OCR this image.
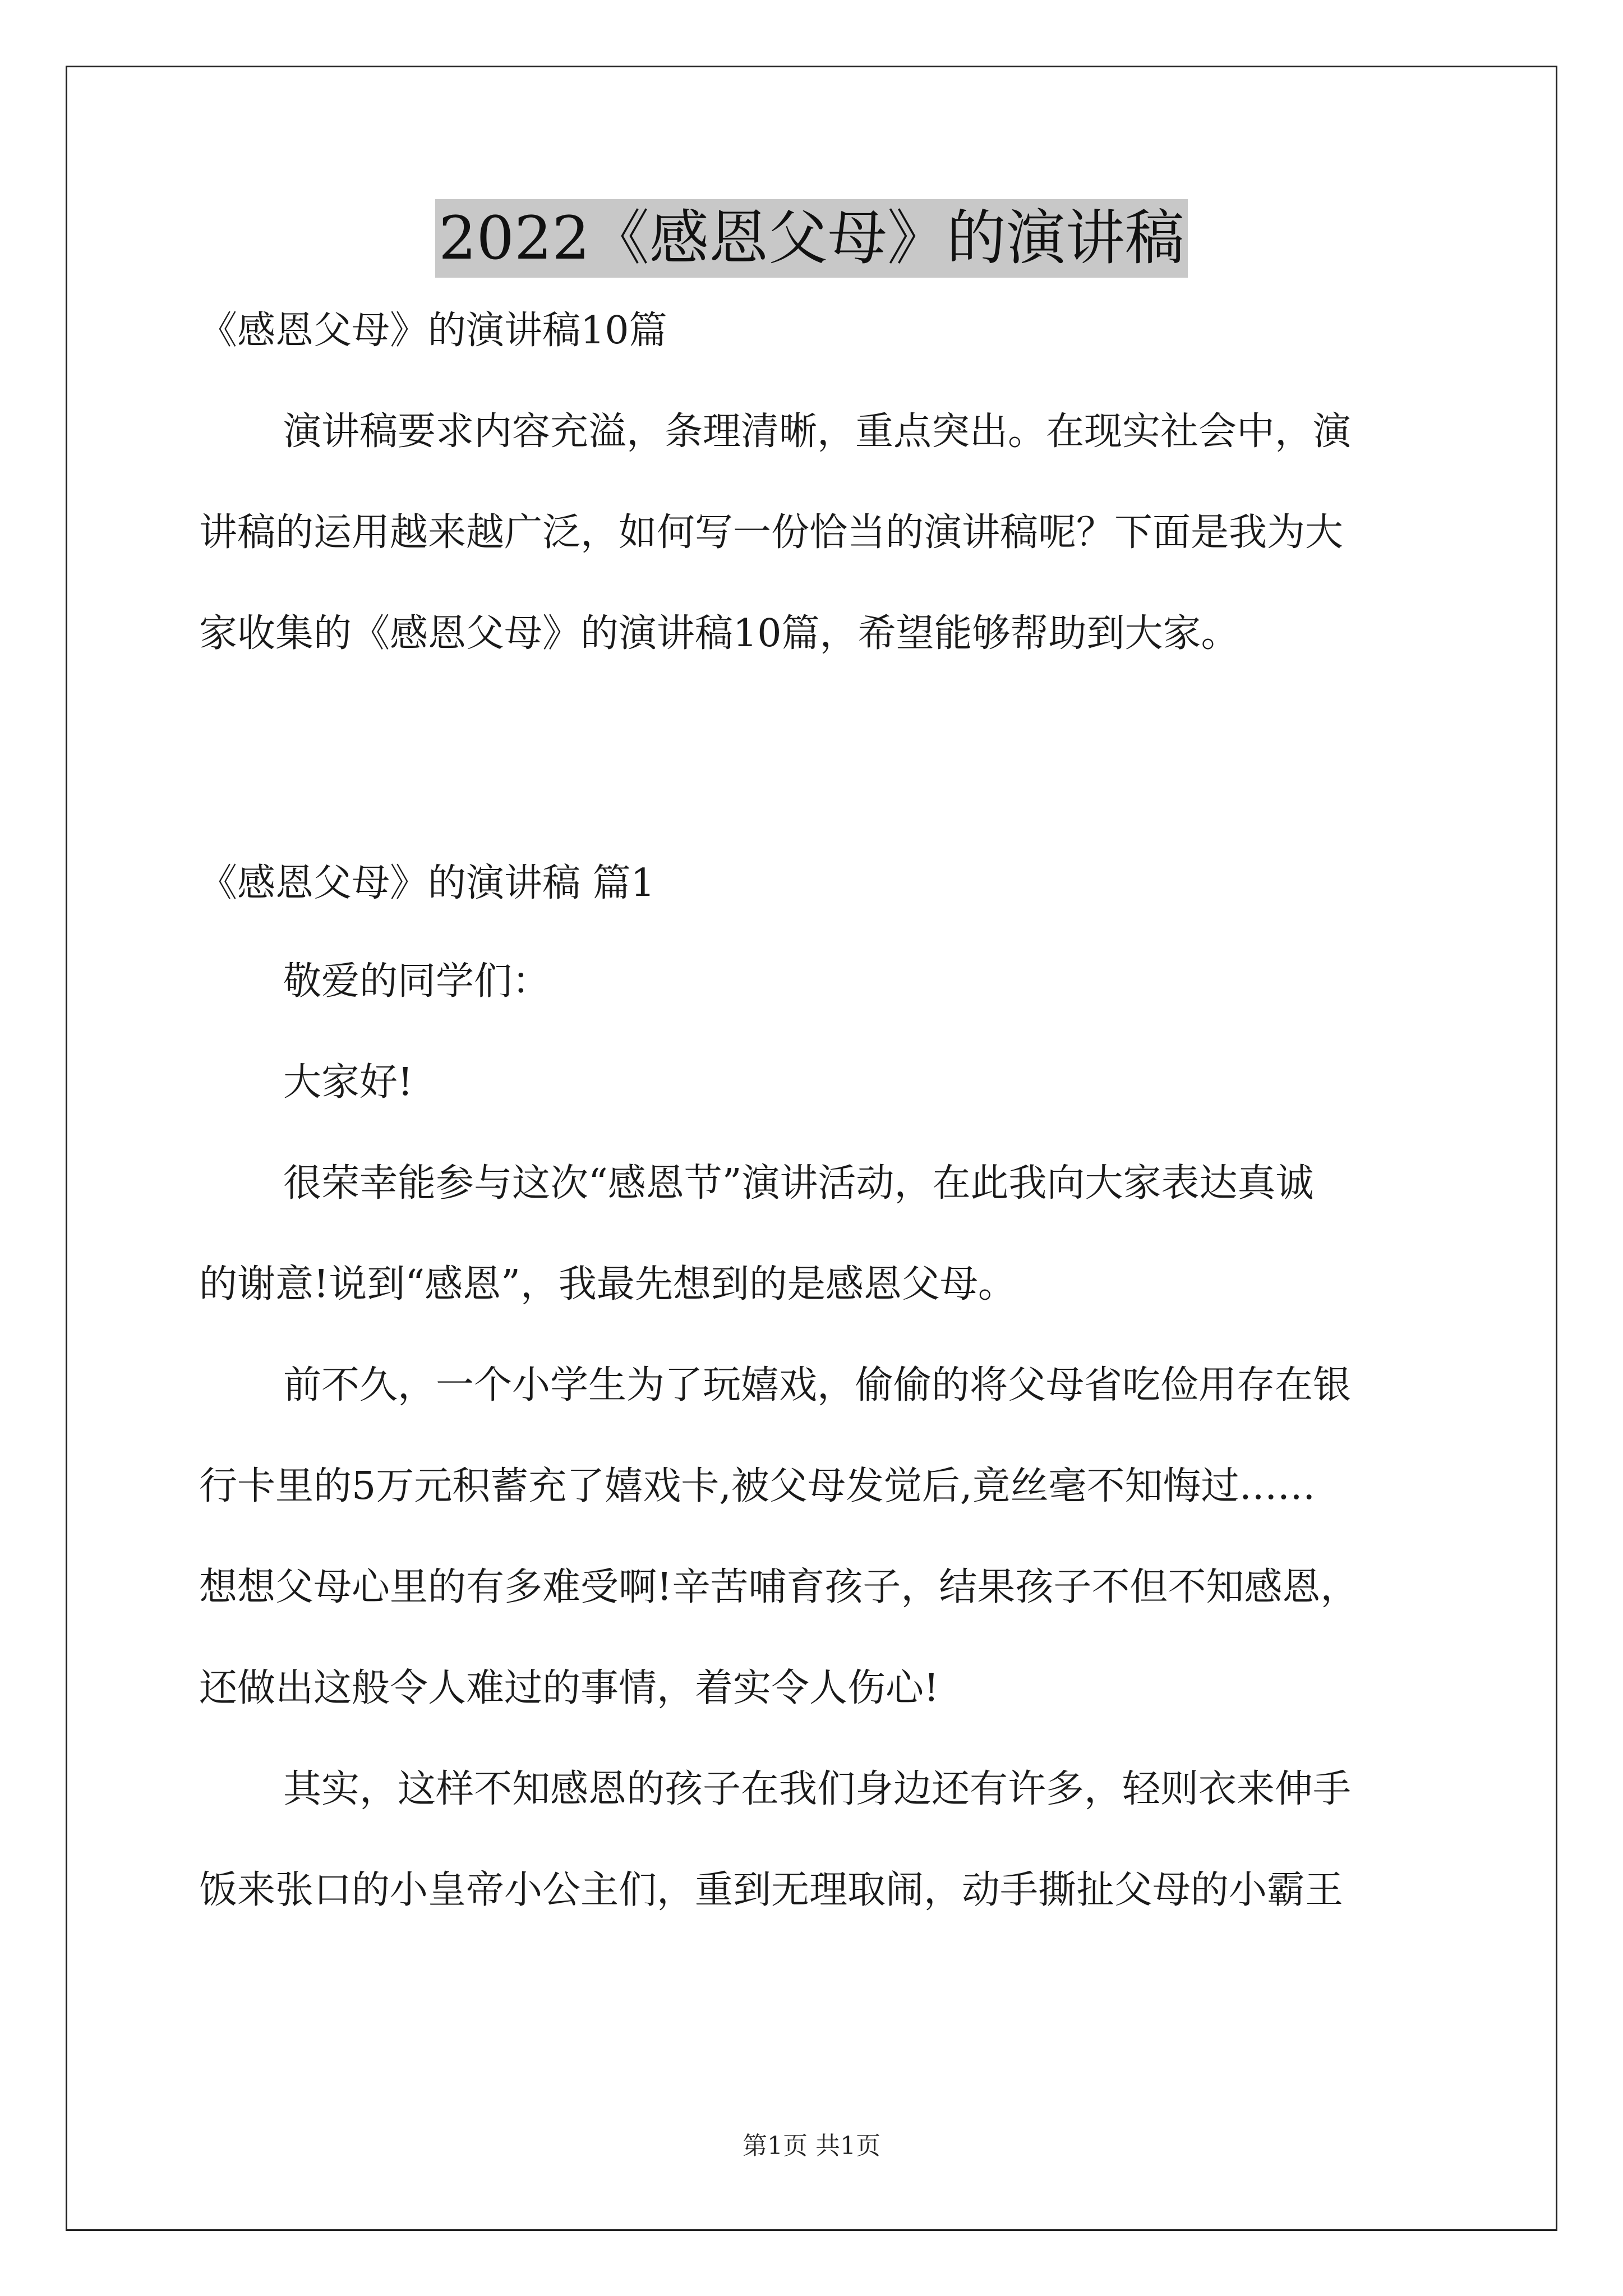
2022《感恩父母》的演讲稿
《感恩父母》的演讲稿10篇
演讲稿要求内容充溢，条理清晰，重点突出。在现实社会中，演
讲稿的运用越来越广泛，如何写一份恰当的演讲稿呢？下面是我为大
家收集的《感恩父母》的演讲稿10篇，希望能够帮助到大家。
《感恩父母》的演讲稿 篇1
敬爱的同学们：
大家好!
很荣幸能参与这次“感恩节”演讲活动，在此我向大家表达真诚
的谢意!说到“感恩”，我最先想到的是感恩父母。
前不久，一个小学生为了玩嬉戏，偷偷的将父母省吃俭用存在银
行卡里的5万元积蓄充了嬉戏卡,被父母发觉后,竟丝毫不知悔过……
想想父母心里的有多难受啊!辛苦哺育孩子，结果孩子不但不知感恩，
还做出这般令人难过的事情，着实令人伤心!
其实，这样不知感恩的孩子在我们身边还有许多，轻则衣来伸手
饭来张口的小皇帝小公主们，重到无理取闹，动手撕扯父母的小霸王
第1页 共1页
